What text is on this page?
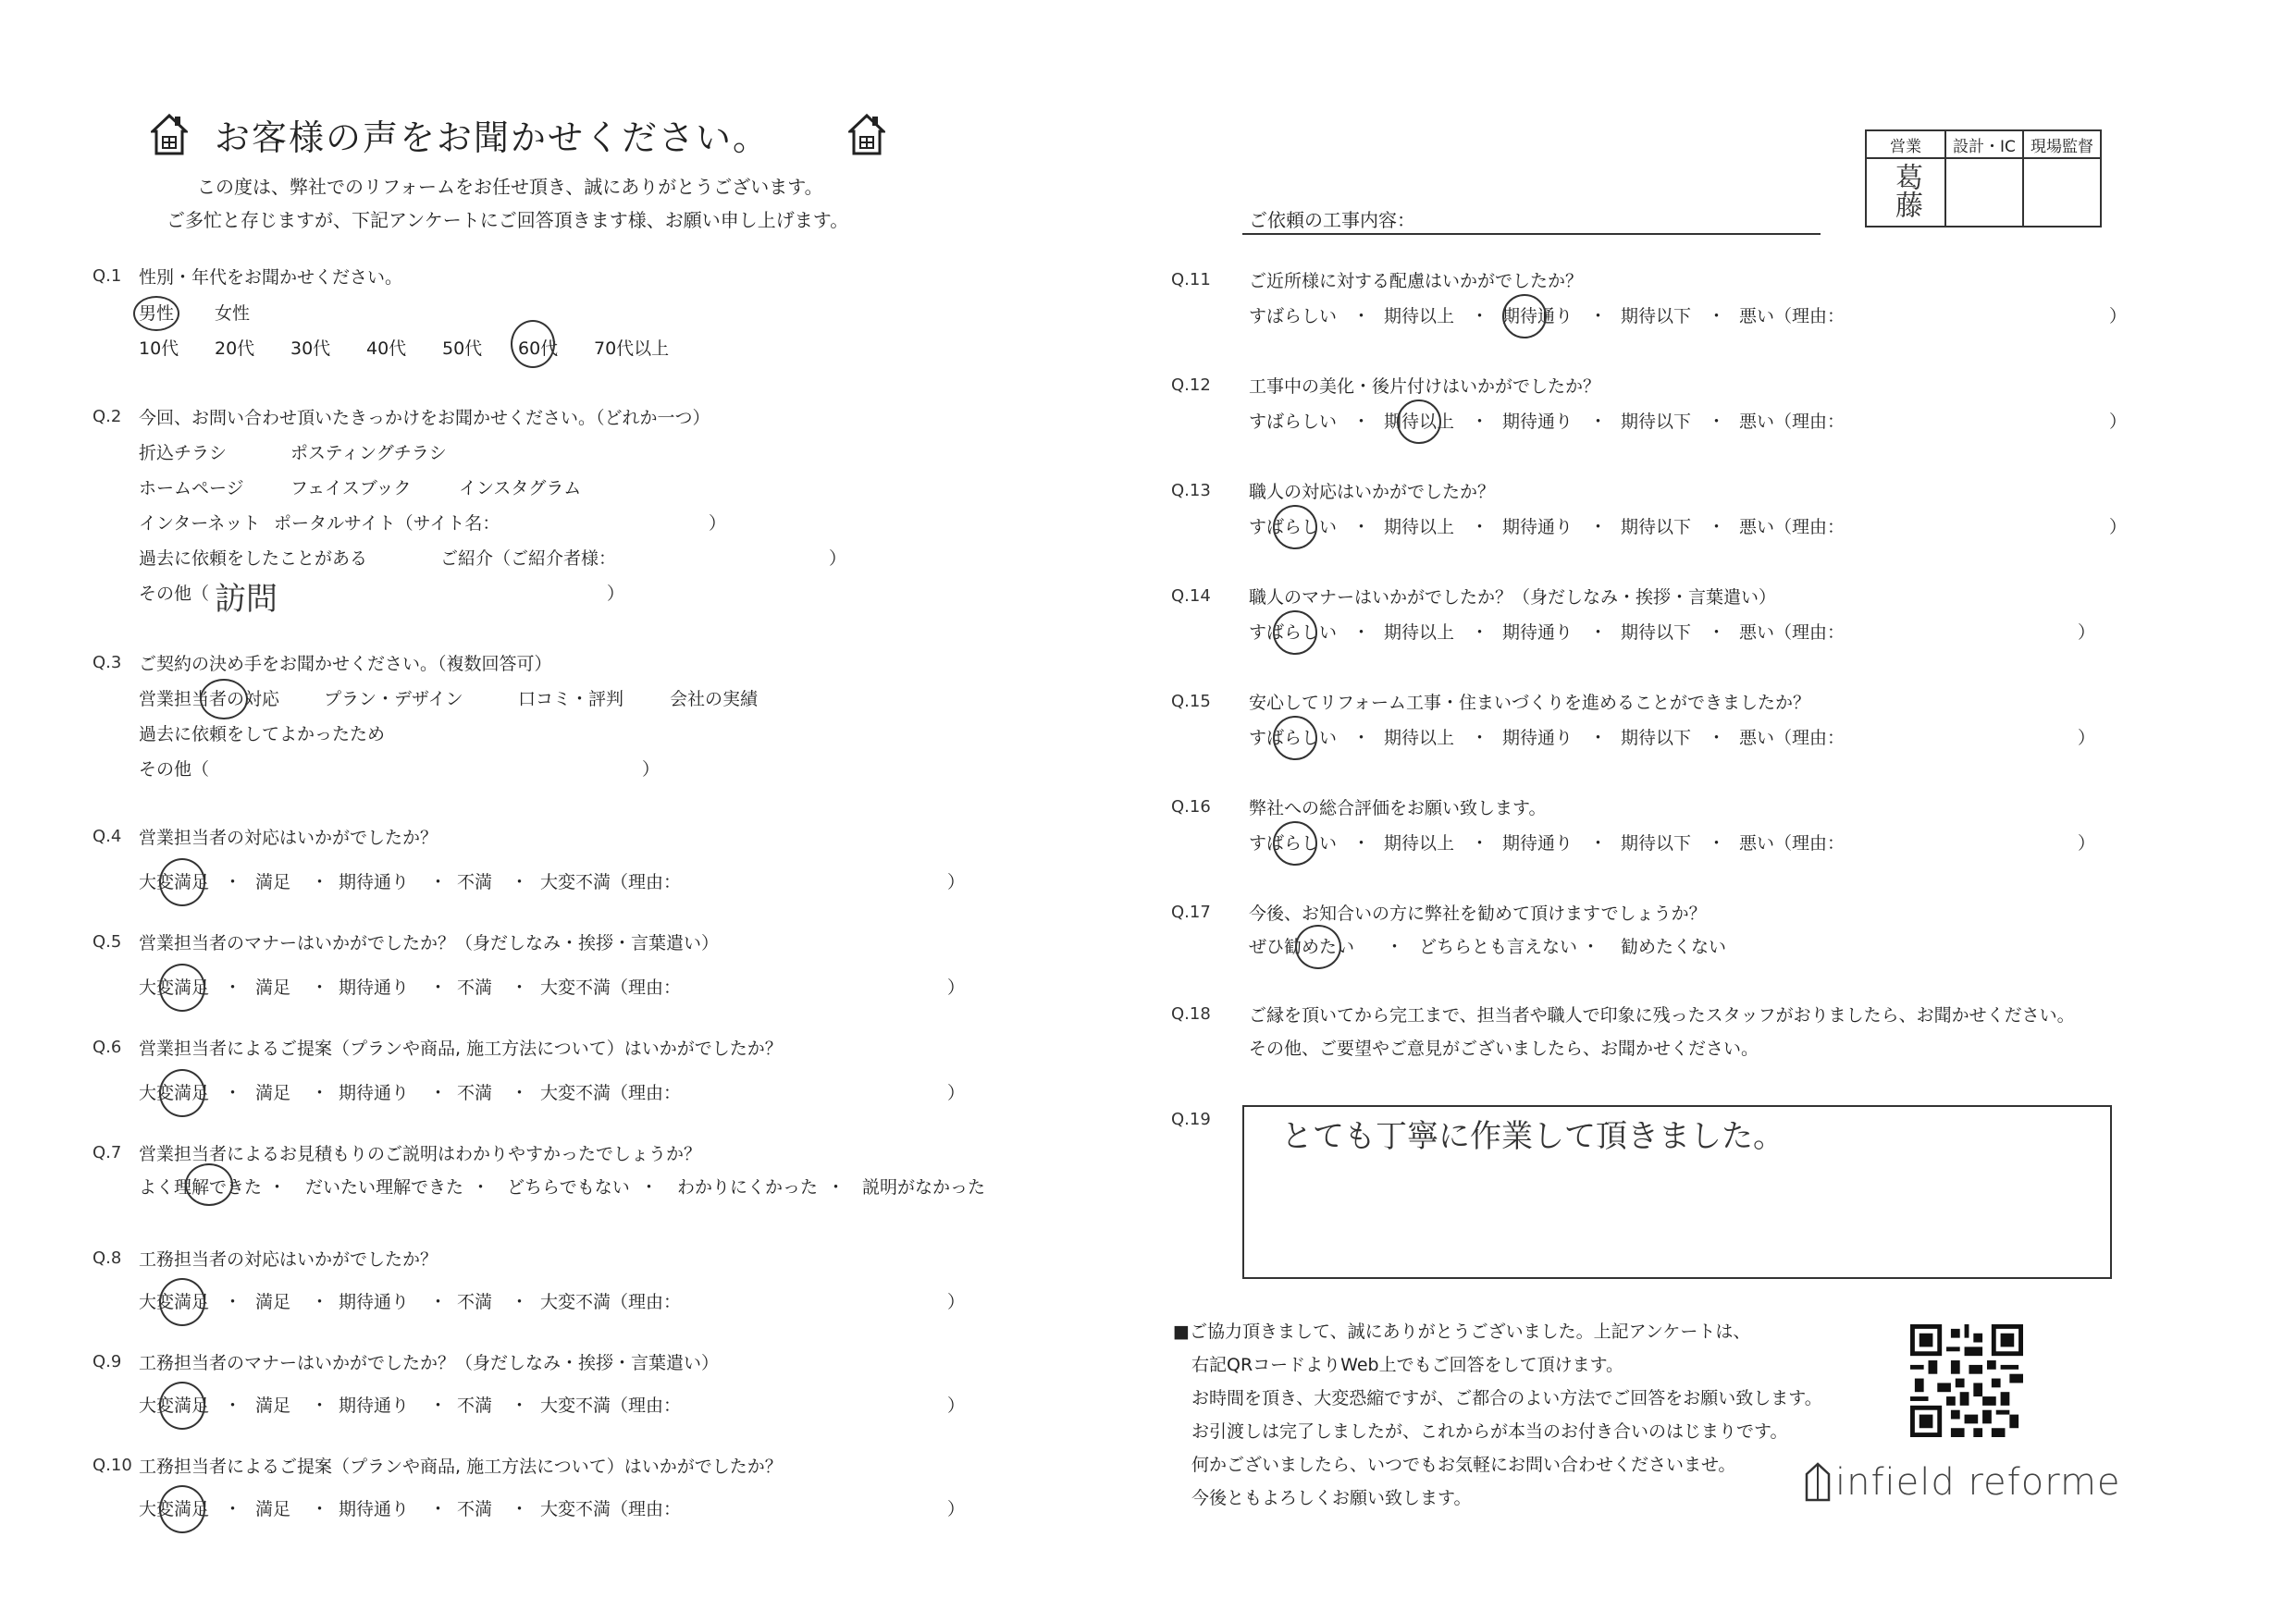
お客様の声をお聞かせください。
この度は、弊社でのリフォームをお任せ頂き、誠にありがとうございます。
ご多忙と存じますが、下記アンケートにご回答頂きます様、お願い申し上げます。
営業	設計・IC	現場監督
葛藤		
ご依頼の工事内容：
Q.1 性別・年代をお聞かせください。
男性 女性
10代 20代 30代 40代 50代 60代 70代以上
Q.2 今回、お問い合わせ頂いたきっかけをお聞かせください。（どれか一つ）
折込チラシ	ポスティングチラシ
ホームページ	フェイスブック	インスタグラム
インターネット ポータルサイト（サイト名：	）
過去に依頼をしたことがある	ご紹介（ご紹介者様：	）
その他（ 訪問	）
Q.3 ご契約の決め手をお聞かせください。（複数回答可）
営業担当者の対応	プラン・デザイン	口コミ・評判	会社の実績
過去に依頼をしてよかったため
その他（	）
Q.4 営業担当者の対応はいかがでしたか？
Q.5 営業担当者のマナーはいかがでしたか？（身だしなみ・挨拶・言葉遣い）
Q.6 営業担当者によるご提案（プランや商品, 施工方法について）はいかがでしたか？
Q.8 工務担当者の対応はいかがでしたか？
Q.9 工務担当者のマナーはいかがでしたか？（身だしなみ・挨拶・言葉遣い）
Q.10 工務担当者によるご提案（プランや商品, 施工方法について）はいかがでしたか？
Q.7 営業担当者によるお見積もりのご説明はわかりやすかったでしょうか？
よく理解できた ・ だいたい理解できた ・ どちらでもない ・ わかりにくかった ・ 説明がなかった
Q.11 ご近所様に対する配慮はいかがでしたか？
Q.12 工事中の美化・後片付けはいかがでしたか？
Q.13 職人の対応はいかがでしたか？
Q.14 職人のマナーはいかがでしたか？（身だしなみ・挨拶・言葉遣い）
Q.15 安心してリフォーム工事・住まいづくりを進めることができましたか？
Q.16 弊社への総合評価をお願い致します。
Q.17 今後、お知合いの方に弊社を勧めて頂けますでしょうか？
ぜひ勧めたい ・ どちらとも言えない ・ 勧めたくない
Q.18 ご縁を頂いてから完工まで、担当者や職人で印象に残ったスタッフがおりましたら、お聞かせください。
その他、ご要望やご意見がございましたら、お聞かせください。
Q.19 とても丁寧に作業して頂きました。
■ご協力頂きまして、誠にありがとうございました。上記アンケートは、
右記QRコードよりWeb上でもご回答をして頂けます。
お時間を頂き、大変恐縮ですが、ご都合のよい方法でご回答をお願い致します。
お引渡しは完了しましたが、これからが本当のお付き合いのはじまりです。
何かございましたら、いつでもお気軽にお問い合わせくださいませ。
今後ともよろしくお願い致します。	infield reforme
大変満足	満足	期待通り	不満	大変不満（理由：
・	・	・	・	）
大変満足	満足	期待通り	不満	大変不満（理由：
・	・	・	・	）
大変満足	満足	期待通り	不満	大変不満（理由：
・	・	・	・	）
大変満足	満足	期待通り	不満	大変不満（理由：
・	・	・	・	）
大変満足	満足	期待通り	不満	大変不満（理由：
・	・	・	・	）
大変満足	満足	期待通り	不満	大変不満（理由：
・	・	・	・	）
すばらしい	期待以上	期待通り	期待以下	悪い（理由：
・	・	・	・	）
すばらしい	期待以上	期待通り	期待以下	悪い（理由：
・	・	・	・	）
すばらしい	期待以上	期待通り	期待以下	悪い（理由：
・	・	・	・	）
すばらしい	期待以上	期待通り	期待以下	悪い（理由：
・	・	・	・	）
すばらしい	期待以上	期待通り	期待以下	悪い（理由：
・	・	・	・	）
すばらしい	期待以上	期待通り	期待以下	悪い（理由：
・	・	・	・	）
